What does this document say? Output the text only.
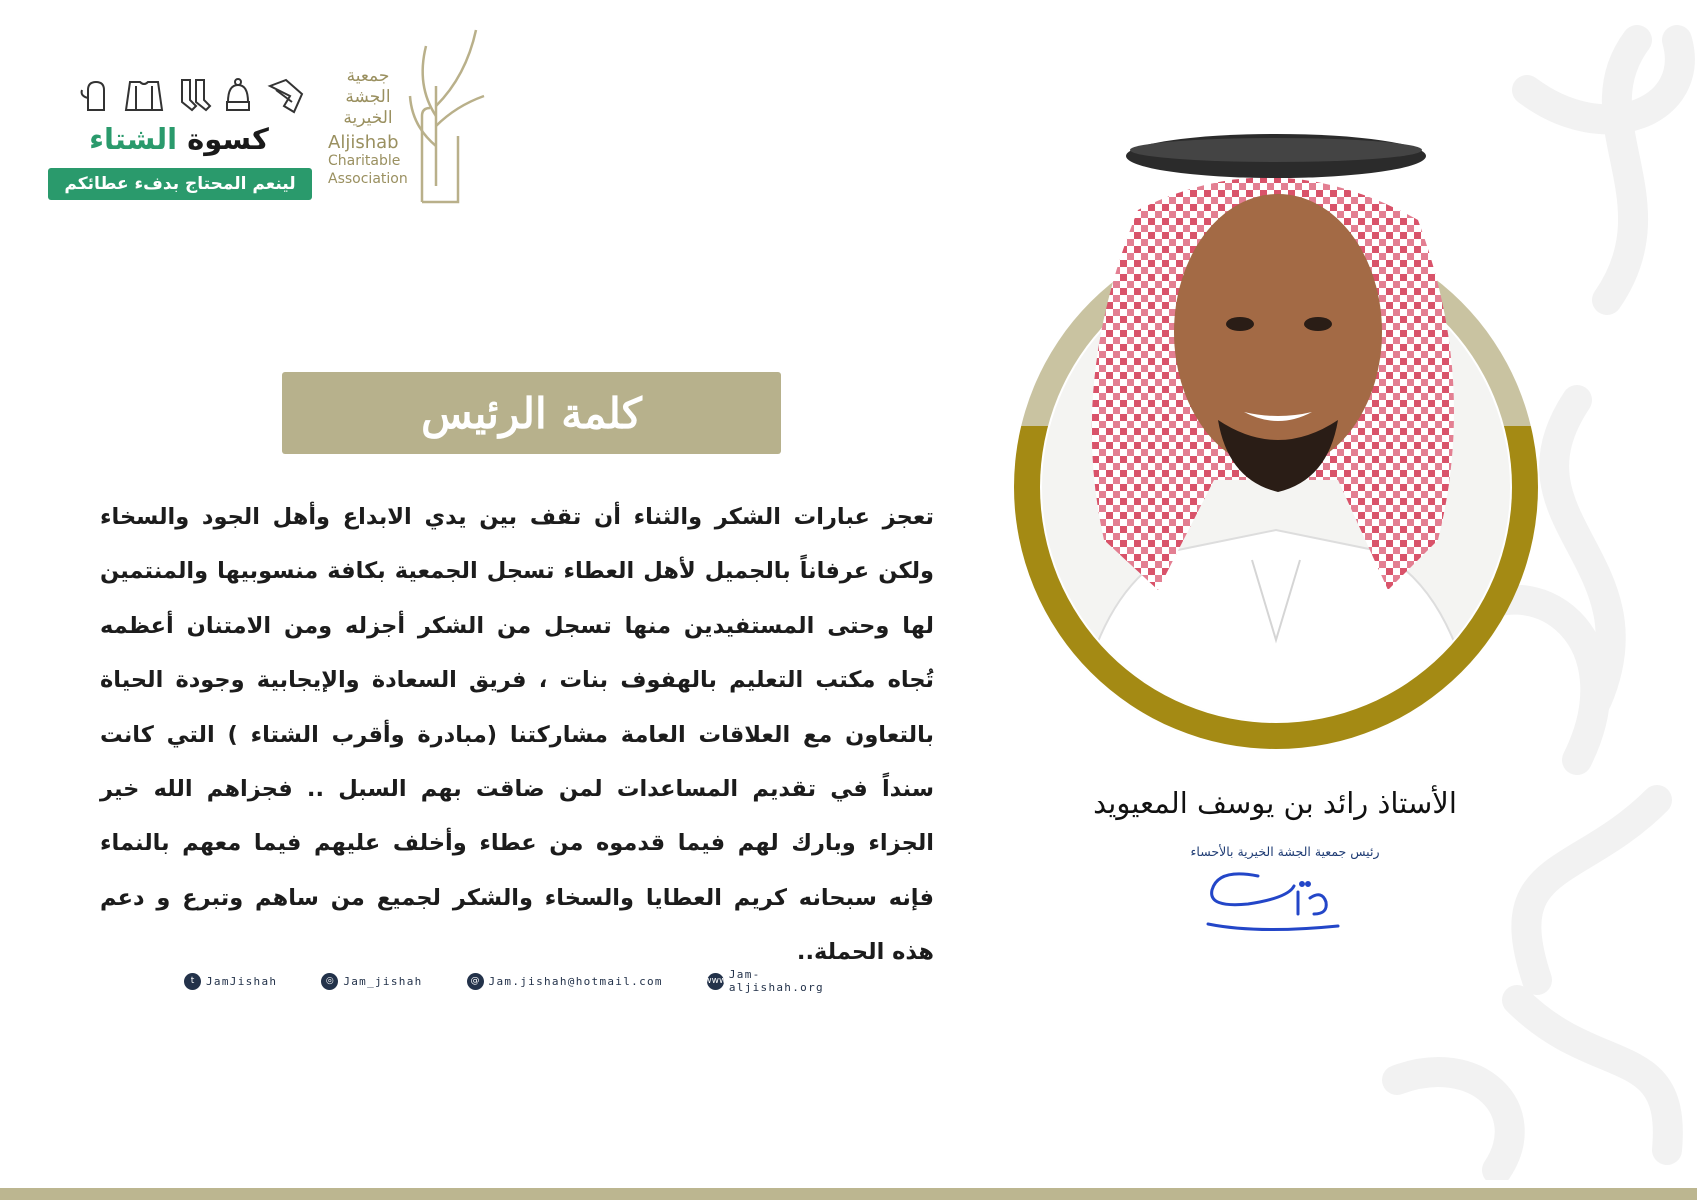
كسوة الشتاء
لينعم المحتاج بدفء عطائكم
جمعية الجشة الخيرية
Aljishab
Charitable
Association
كلمة الرئيس
تعجز عبارات الشكر والثناء أن تقف بين يدي الابداع وأهل الجود والسخاء ولكن عرفاناً بالجميل لأهل العطاء تسجل الجمعية بكافة منسوبيها والمنتمين لها وحتى المستفيدين منها تسجل من الشكر أجزله ومن الامتنان أعظمه تُجاه مكتب التعليم بالهفوف بنات ، فريق السعادة والإيجابية وجودة الحياة بالتعاون مع العلاقات العامة مشاركتنا (مبادرة وأقرب الشتاء ) التي كانت سنداً في تقديم المساعدات لمن ضاقت بهم السبل .. فجزاهم الله خير الجزاء وبارك لهم فيما قدموه من عطاء وأخلف عليهم فيما معهم بالنماء فإنه سبحانه كريم العطايا والسخاء والشكر لجميع من ساهم وتبرع و دعم هذه الحملة..
t	JamJishah	◎ Jam_jishah	@ Jam.jishah@hotmail.com	www Jam-aljishah.org
الأستاذ رائد بن يوسف المعيويد
رئيس جمعية الجشة الخيرية بالأحساء
رائد
